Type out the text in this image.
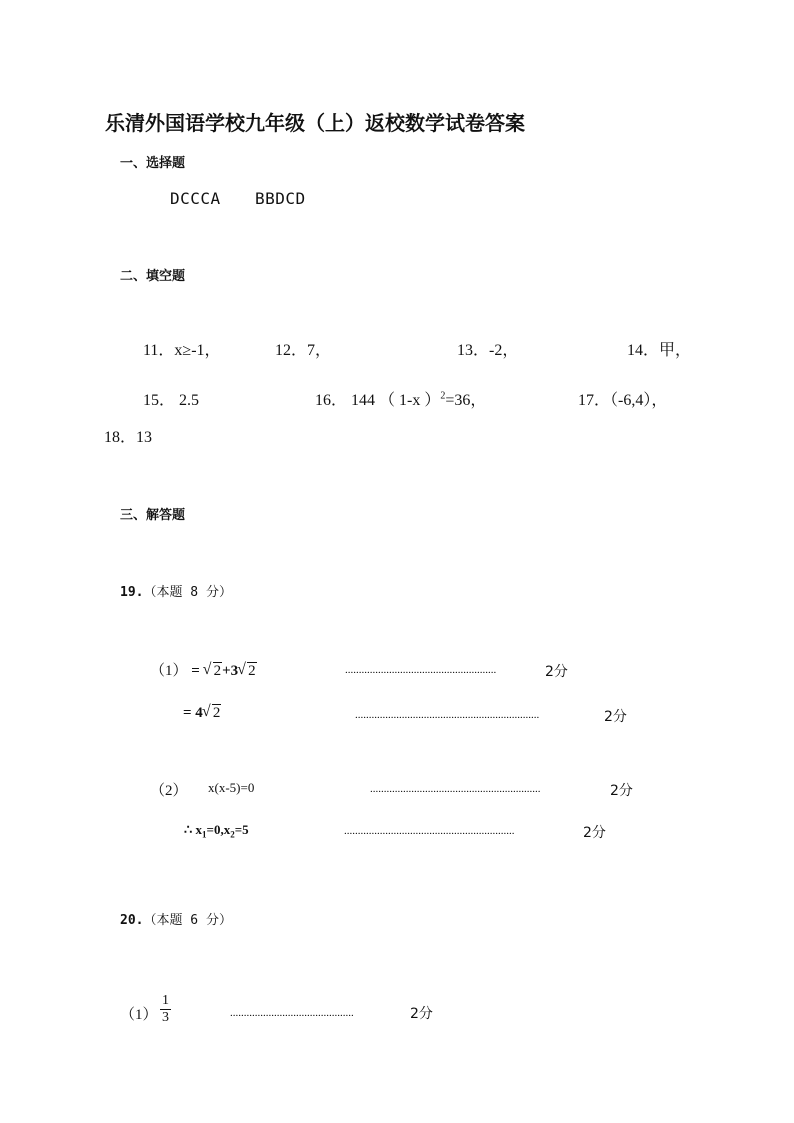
乐清外国语学校九年级（上）返校数学试卷答案
一、选择题
DCCCA BBDCD
二、填空题
11．x≥-1，	12．7，	13．-2，	14．甲，
15． 2.5	16． 144 （ 1-x ）$^2$=36，	17．（-6,4），
18．13
三、解答题
19.（本题 8 分）
（1） = √ 2+3 √ 2	.......................................................	2分
= 4 √ 2	...................................................................	2分
（2） x(x-5)=0	..............................................................	2分
∴ $x_1=0,x_2=5$	..............................................................	2分
20.（本题 6 分）
$(1) \frac{1}{3}$	.............................................	2分
